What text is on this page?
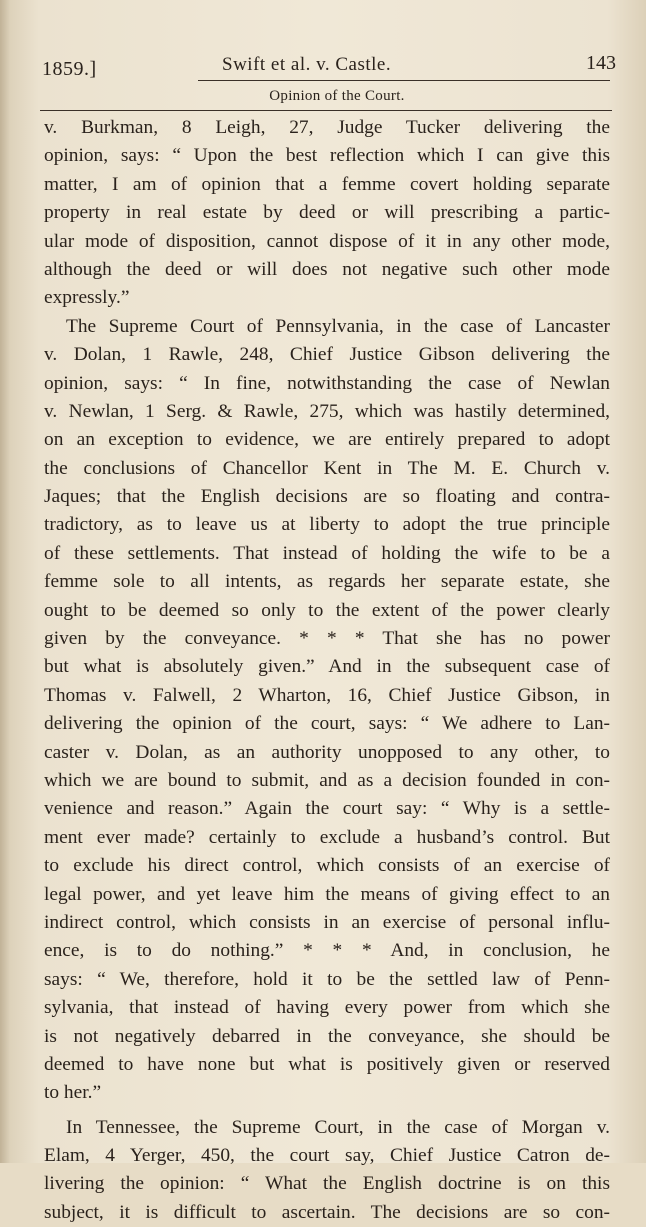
1859.]	Swift et al. v. Castle.	143
Opinion of the Court.
v. Burkman, 8 Leigh, 27, Judge Tucker delivering the
opinion, says: “ Upon the best reflection which I can give this
matter, I am of opinion that a femme covert holding separate
property in real estate by deed or will prescribing a partic-
ular mode of disposition, cannot dispose of it in any other mode,
although the deed or will does not negative such other mode
expressly.”
The Supreme Court of Pennsylvania, in the case of Lancaster
v. Dolan, 1 Rawle, 248, Chief Justice Gibson delivering the
opinion, says: “ In fine, notwithstanding the case of Newlan
v. Newlan, 1 Serg. & Rawle, 275, which was hastily determined,
on an exception to evidence, we are entirely prepared to adopt
the conclusions of Chancellor Kent in The M. E. Church v.
Jaques; that the English decisions are so floating and contra-
tradictory, as to leave us at liberty to adopt the true principle
of these settlements. That instead of holding the wife to be a
femme sole to all intents, as regards her separate estate, she
ought to be deemed so only to the extent of the power clearly
given by the conveyance. * * * That she has no power
but what is absolutely given.” And in the subsequent case of
Thomas v. Falwell, 2 Wharton, 16, Chief Justice Gibson, in
delivering the opinion of the court, says: “ We adhere to Lan-
caster v. Dolan, as an authority unopposed to any other, to
which we are bound to submit, and as a decision founded in con-
venience and reason.” Again the court say: “ Why is a settle-
ment ever made? certainly to exclude a husband’s control. But
to exclude his direct control, which consists of an exercise of
legal power, and yet leave him the means of giving effect to an
indirect control, which consists in an exercise of personal influ-
ence, is to do nothing.” * * * And, in conclusion, he
says: “ We, therefore, hold it to be the settled law of Penn-
sylvania, that instead of having every power from which she
is not negatively debarred in the conveyance, she should be
deemed to have none but what is positively given or reserved
to her.”
In Tennessee, the Supreme Court, in the case of Morgan v.
Elam, 4 Yerger, 450, the court say, Chief Justice Catron de-
livering the opinion: “ What the English doctrine is on this
subject, it is difficult to ascertain. The decisions are so con-
